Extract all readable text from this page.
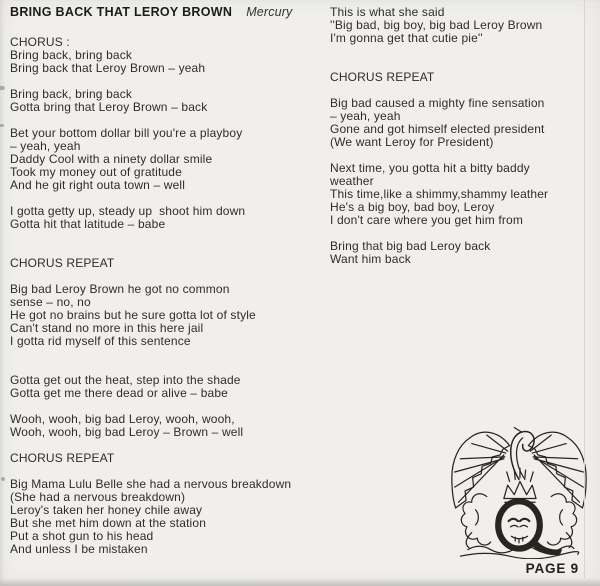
BRING BACK THAT LEROY BROWN Mercury
CHORUS :
Bring back, bring back
Bring back that Leroy Brown – yeah
Bring back, bring back
Gotta bring that Leroy Brown – back
Bet your bottom dollar bill you're a playboy
– yeah, yeah
Daddy Cool with a ninety dollar smile
Took my money out of gratitude
And he git right outa town – well
I gotta getty up, steady up  shoot him down
Gotta hit that latitude – babe
CHORUS REPEAT
Big bad Leroy Brown he got no common
sense – no, no
He got no brains but he sure gotta lot of style
Can't stand no more in this here jail
I gotta rid myself of this sentence
Gotta get out the heat, step into the shade
Gotta get me there dead or alive – babe
Wooh, wooh, big bad Leroy, wooh, wooh,
Wooh, wooh, big bad Leroy – Brown – well
CHORUS REPEAT
Big Mama Lulu Belle she had a nervous breakdown
(She had a nervous breakdown)
Leroy's taken her honey chile away
But she met him down at the station
Put a shot gun to his head
And unless I be mistaken
This is what she said
''Big bad, big boy, big bad Leroy Brown
I'm gonna get that cutie pie''
CHORUS REPEAT
Big bad caused a mighty fine sensation
– yeah, yeah
Gone and got himself elected president
(We want Leroy for President)
Next time, you gotta hit a bitty baddy
weather
This time,like a shimmy,shammy leather
He's a big boy, bad boy, Leroy
I don't care where you get him from
Bring that big bad Leroy back
Want him back
PAGE 9
